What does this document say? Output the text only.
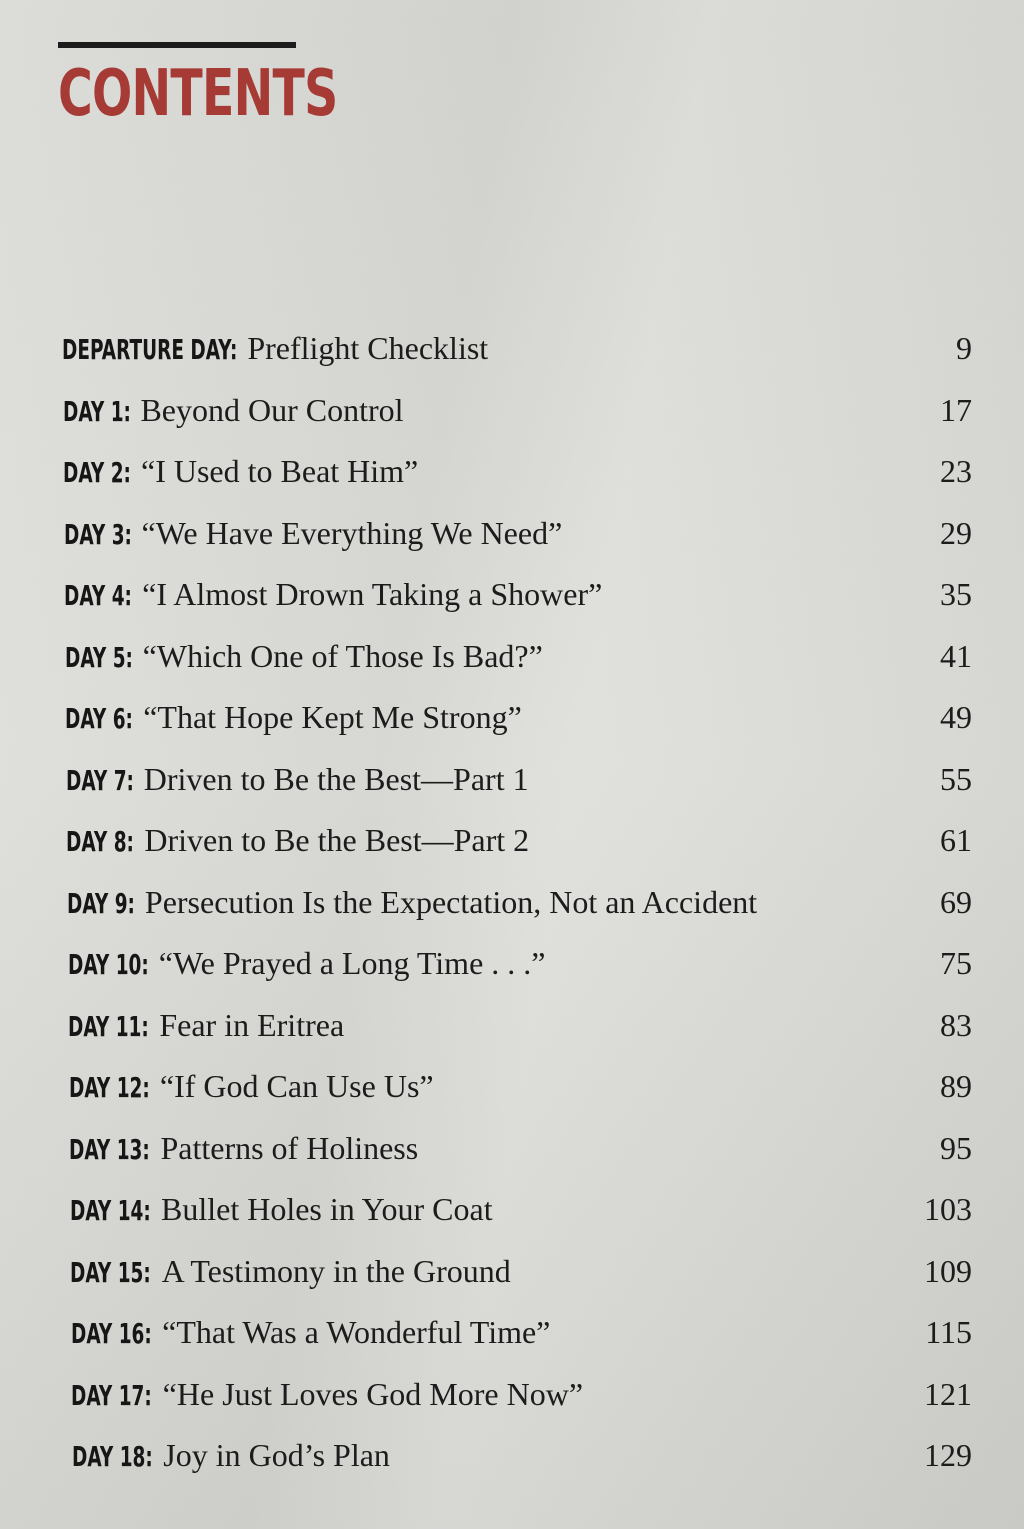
CONTENTS
DEPARTURE DAY: Preflight Checklist	9
DAY 1: Beyond Our Control	17
DAY 2: “I Used to Beat Him”	23
DAY 3: “We Have Everything We Need”	29
DAY 4: “I Almost Drown Taking a Shower”	35
DAY 5: “Which One of Those Is Bad?”	41
DAY 6: “That Hope Kept Me Strong”	49
DAY 7: Driven to Be the Best—Part 1	55
DAY 8: Driven to Be the Best—Part 2	61
DAY 9: Persecution Is the Expectation, Not an Accident	69
DAY 10: “We Prayed a Long Time . . .”	75
DAY 11: Fear in Eritrea	83
DAY 12: “If God Can Use Us”	89
DAY 13: Patterns of Holiness	95
DAY 14: Bullet Holes in Your Coat	103
DAY 15: A Testimony in the Ground	109
DAY 16: “That Was a Wonderful Time”	115
DAY 17: “He Just Loves God More Now”	121
DAY 18: Joy in God’s Plan	129
